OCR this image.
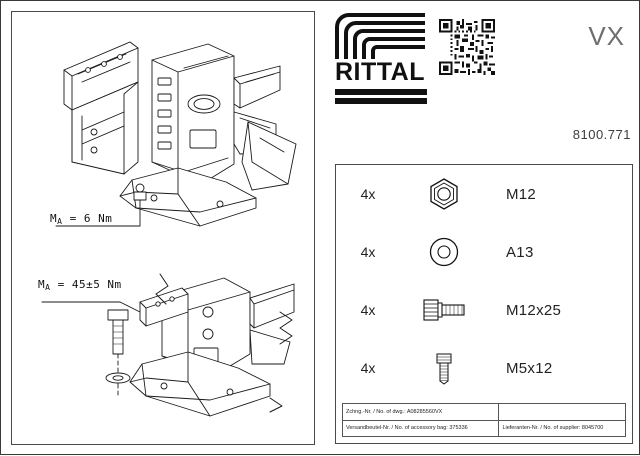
$M_A = 6$ Nm
$M_A = 45\pm 5$ Nm
RITTAL
VX
8100.771
4x	M12
4x	A13
4x	M12x25
4x	M5x12
Zchng.-Nr. / No. of dwg.: A08285560VX
Versandbeutel-Nr. / No. of accessory bag: 375336	Lieferanten-Nr. / No. of supplier: 8045700
